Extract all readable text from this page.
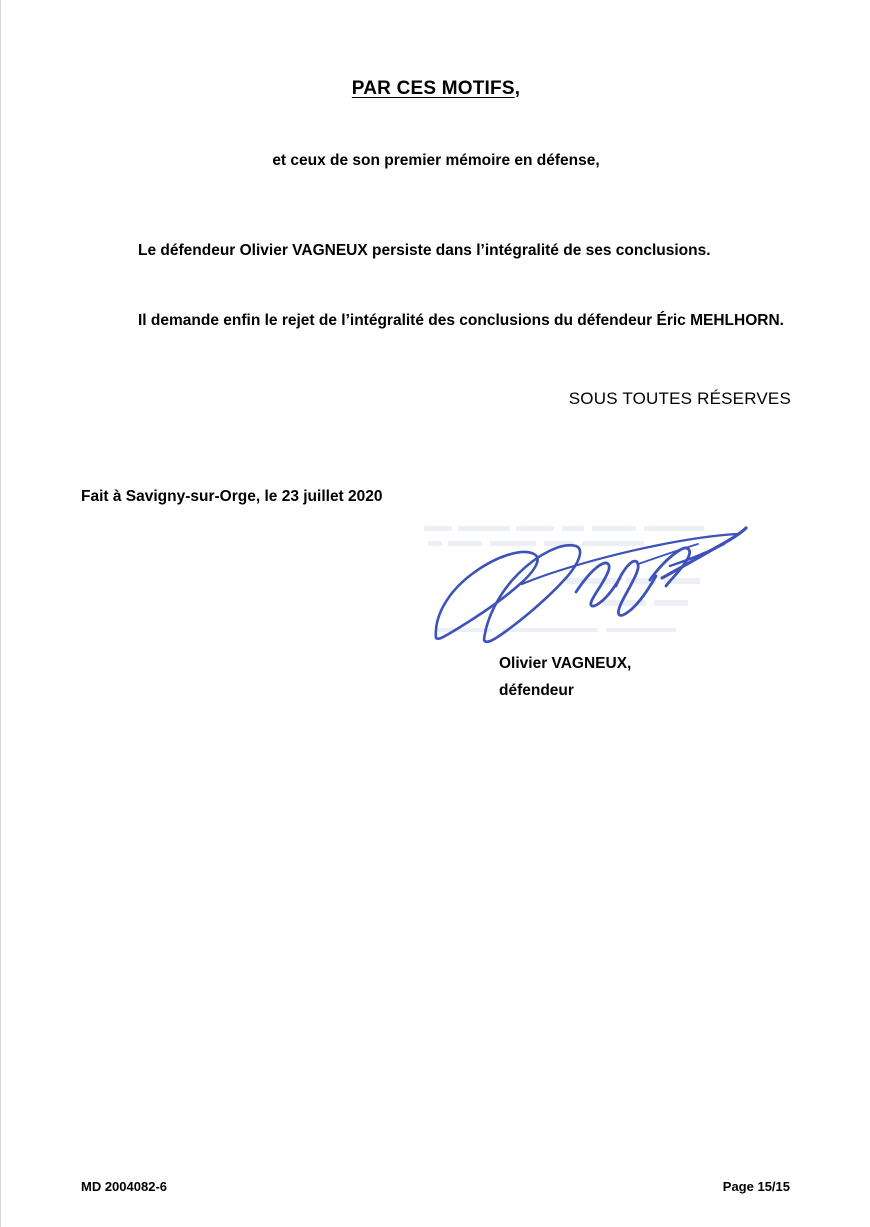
PAR CES MOTIFS,
et ceux de son premier mémoire en défense,
Le défendeur Olivier VAGNEUX persiste dans l’intégralité de ses conclusions.
Il demande enfin le rejet de l’intégralité des conclusions du défendeur Éric MEHLHORN.
SOUS TOUTES RÉSERVES
Fait à Savigny-sur-Orge, le 23 juillet 2020
Olivier VAGNEUX,
défendeur
MD 2004082-6	Page 15/15
